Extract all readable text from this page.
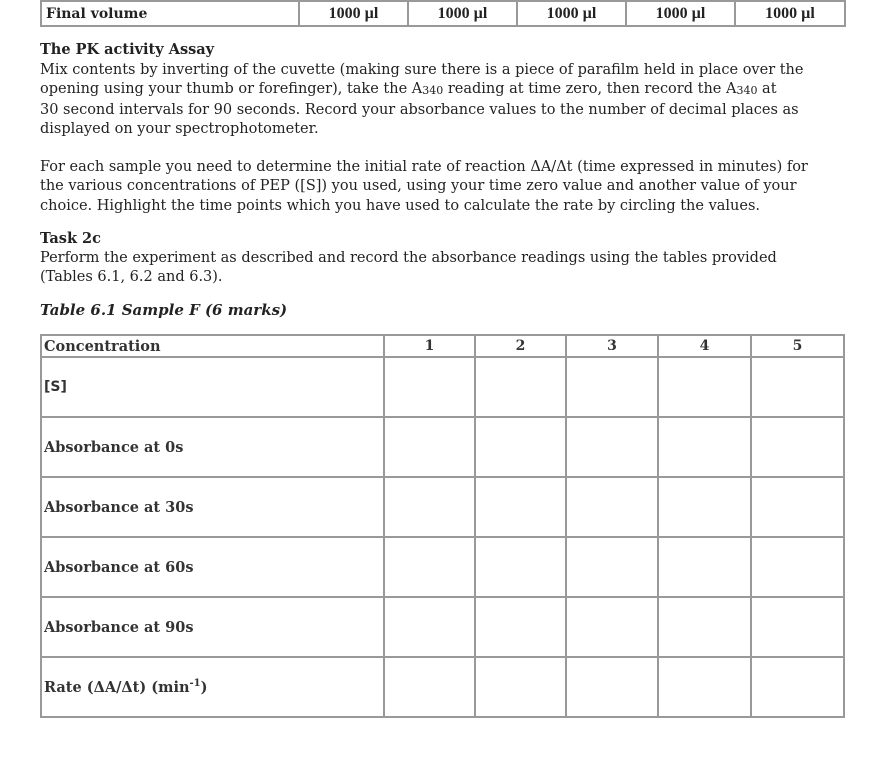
Final volume	1000 µl	1000 µl	1000 µl	1000 µl	1000 µl
The PK activity Assay
Mix contents by inverting of the cuvette (making sure there is a piece of parafilm held in place over the
opening using your thumb or forefinger), take the A340 reading at time zero, then record the A340 at
30 second intervals for 90 seconds. Record your absorbance values to the number of decimal places as
displayed on your spectrophotometer.
For each sample you need to determine the initial rate of reaction ΔA/Δt (time expressed in minutes) for
the various concentrations of PEP ([S]) you used, using your time zero value and another value of your
choice. Highlight the time points which you have used to calculate the rate by circling the values.
Task 2c
Perform the experiment as described and record the absorbance readings using the tables provided
(Tables 6.1, 6.2 and 6.3).
Table 6.1 Sample F (6 marks)
Concentration	1	2	3	4	5
[S]					
Absorbance at 0s					
Absorbance at 30s					
Absorbance at 60s					
Absorbance at 90s					
Rate (ΔA/Δt) $(\min^{-1})$					
